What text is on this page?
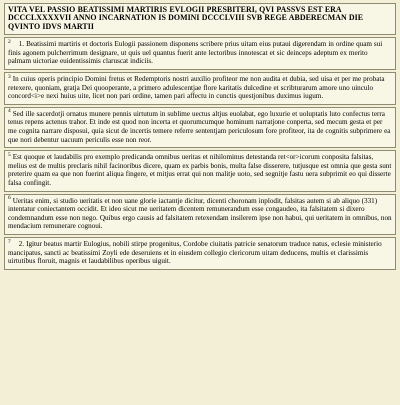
VITA VEL PASSIO BEATISSIMI MARTIRIS EVLOGII PRESBITERI, QVI PASSVS EST ERA DCCCLXXXXVII ANNO INCARNATION IS DOMINI DCCCLVIII SVB REGE ABDERECMAN DIE QVINTO IDVS MARTII

$^2$ 1. Beatissimi martiris et doctoris Eulogii passionem disponens scribere prius uitam eius putaui digerendam in ordine quam sui finis agonem pulcherrimum designare, ut quis uel quantus fuerit ante lectoribus innotescat et sic deinceps adeptum ex merito palmam uictoriae euidentissimis claruscat indiciis.
$^3$ In cuius operis principio Domini fretus et Redemptoris nostri auxilio profiteor me non audita et dubia, sed uisa et per me probata retexere, quoniam, gratja Dei quooperante, a primero adulescentjae flore karitatis dulcedine et scribturarum amore uno uinculo concord<i>e nexi huius uite, licet non pari ordine, tamen pari affectu in cunctis questjonibus duximus iugum.
$^4$ Sed ille sacerdotji ornatus munere pennis uirtutum in sublime uectus altjus euolabat, ego luxurie et uoluptatis luto confectus terra tenus repens actenus trahor. Et inde est quod non incerta et quorumcumque hominum narratjone conperta, sed mecum gesta et per me cognita narrare disposui, quia sicut de incertis temere referre sententjam periculosum fore profiteor, ita de cognitis subprimere ea que nori debentur uacuum periculis esse non reor.
$^5$ Est quoque et laudabilis pro exemplo predicanda omnibus ueritas et nihilominus detestanda ret<or>icorum conposita falsitas, melius est de multis preclaris nihil facinoribus dicere, quam ex parbis bonis, multa false disserere, tutjusque est omnia que gesta sunt preterire quam ea que non fuerint aliqua fingere, et mitjus errat qui non malitje uoto, sed segnitje fastu uera subprimit eo qui disserte falsa confingit.
$^6$ Ueritas enim, si studio ueritatis et non uane glorie iactantje dicitur, dicenti choronam inplodit, falsitas autem si ab aliquo (331) intentatur coniectantem occidit. Et ideo sicut me ueritatem dicentem remunerandum esse congaudeo, ita falsitatem si dixero condemnandum esse non nego. Quibus ergo causis ad falsitatem retexendam insilerem ipse non habui, qui ueritatem in omnibus, non mendacium remunerare cognoui.
$^7$ 2. Igitur beatus martir Eulogius, nobili stirpe progenitus, Cordobe ciuitatis patricie senatorum traduce natus, eclesie ministerio mancipatus, sancti ac beatissimi Zoyli ede deseruiens et in eiusdem collegio clericorum uitam deducens, multis et clarissimis uirtutibus floruit, magnis et laudabilibus operibus uiguit.
